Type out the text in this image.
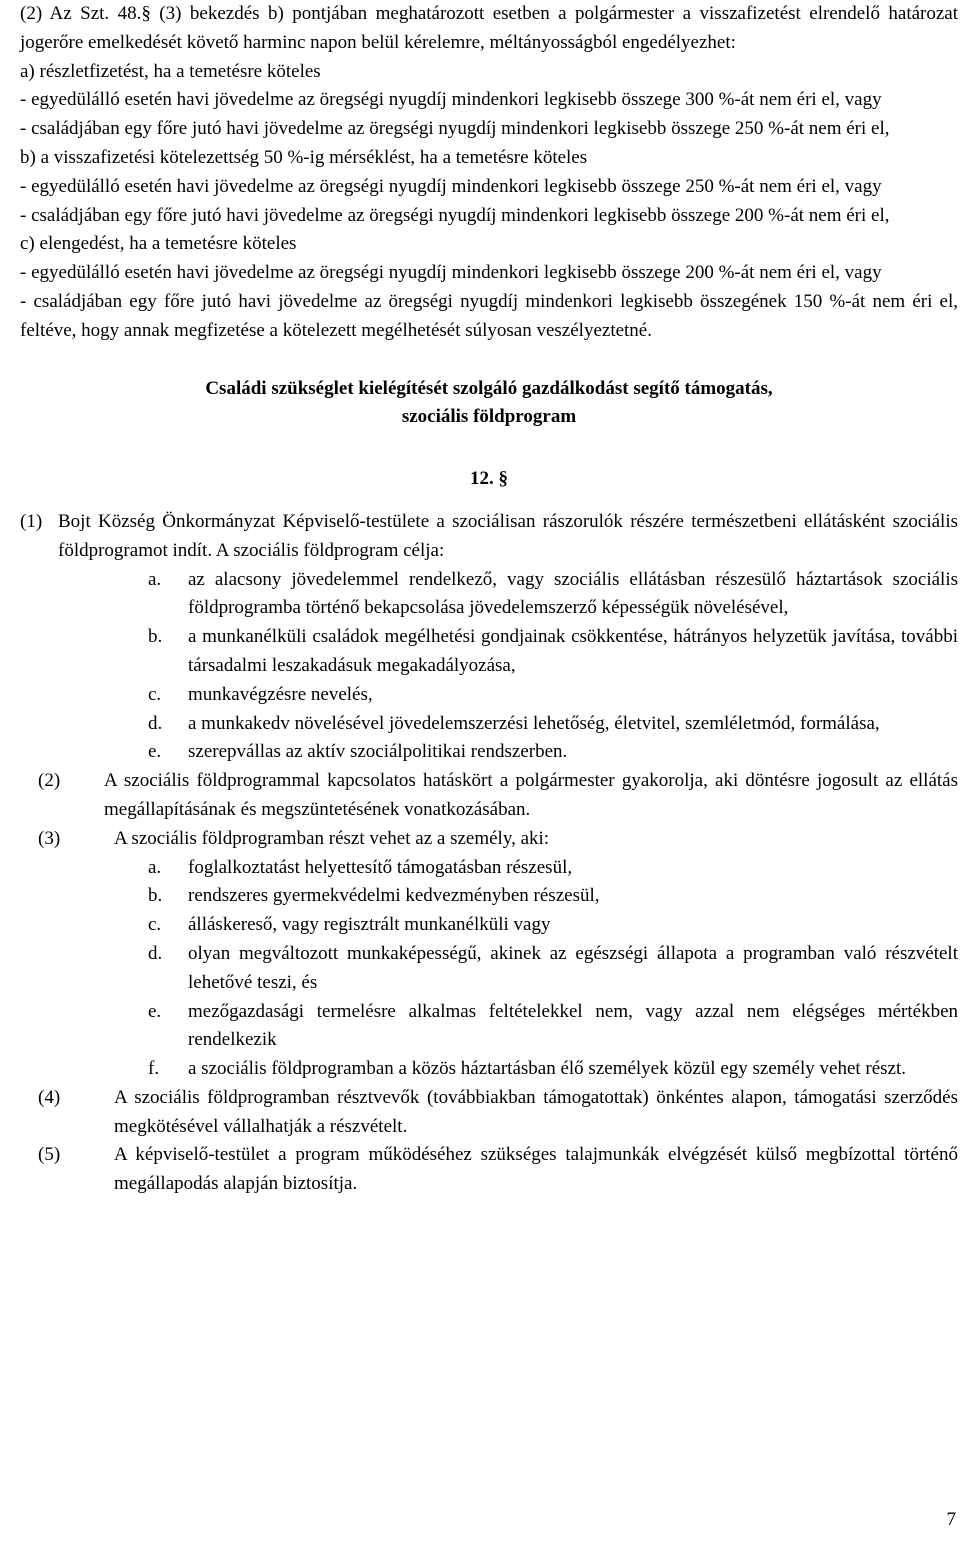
(2) Az Szt. 48.§ (3) bekezdés b) pontjában meghatározott esetben a polgármester a visszafizetést elrendelő határozat jogerőre emelkedését követő harminc napon belül kérelemre, méltányosságból engedélyezhet:

a) részletfizetést, ha a temetésre köteles

- egyedülálló esetén havi jövedelme az öregségi nyugdíj mindenkori legkisebb összege 300 %-át nem éri el, vagy

- családjában egy főre jutó havi jövedelme az öregségi nyugdíj mindenkori legkisebb összege 250 %-át nem éri el,

b) a visszafizetési kötelezettség 50 %-ig mérséklést, ha a temetésre köteles

- egyedülálló esetén havi jövedelme az öregségi nyugdíj mindenkori legkisebb összege 250 %-át nem éri el, vagy

- családjában egy főre jutó havi jövedelme az öregségi nyugdíj mindenkori legkisebb összege 200 %-át nem éri el,

c) elengedést, ha a temetésre köteles

- egyedülálló esetén havi jövedelme az öregségi nyugdíj mindenkori legkisebb összege 200 %-át nem éri el, vagy

- családjában egy főre jutó havi jövedelme az öregségi nyugdíj mindenkori legkisebb összegének 150 %-át nem éri el, feltéve, hogy annak megfizetése a kötelezett megélhetését súlyosan veszélyeztetné.

Családi szükséglet kielégítését szolgáló gazdálkodást segítő támogatás,
szociális földprogram
12. §
(1) Bojt Község Önkormányzat Képviselő-testülete a szociálisan rászorulók részére természetbeni ellátásként szociális földprogramot indít. A szociális földprogram célja:
a.	az alacsony jövedelemmel rendelkező, vagy szociális ellátásban részesülő háztartások szociális földprogramba történő bekapcsolása jövedelemszerző képességük növelésével,
b.	a munkanélküli családok megélhetési gondjainak csökkentése, hátrányos helyzetük javítása, további társadalmi leszakadásuk megakadályozása,
c.	munkavégzésre nevelés,
d.	a munkakedv növelésével jövedelemszerzési lehetőség, életvitel, szemléletmód, formálása,
e.	szerepvállas az aktív szociálpolitikai rendszerben.
(2)	A szociális földprogrammal kapcsolatos hatáskört a polgármester gyakorolja, aki döntésre jogosult az ellátás megállapításának és megszüntetésének vonatkozásában.
(3)	A szociális földprogramban részt vehet az a személy, aki:
a.	foglalkoztatást helyettesítő támogatásban részesül,
b.	rendszeres gyermekvédelmi kedvezményben részesül,
c.	álláskereső, vagy regisztrált munkanélküli vagy
d.	olyan megváltozott munkaképességű, akinek az egészségi állapota a programban való részvételt lehetővé teszi, és
e.	mezőgazdasági termelésre alkalmas feltételekkel nem, vagy azzal nem elégséges mértékben rendelkezik
f.	a szociális földprogramban a közös háztartásban élő személyek közül egy személy vehet részt.
(4)	A szociális földprogramban résztvevők (továbbiakban támogatottak) önkéntes alapon, támogatási szerződés megkötésével vállalhatják a részvételt.
(5)	A képviselő-testület a program működéséhez szükséges talajmunkák elvégzését külső megbízottal történő megállapodás alapján biztosítja.
7
